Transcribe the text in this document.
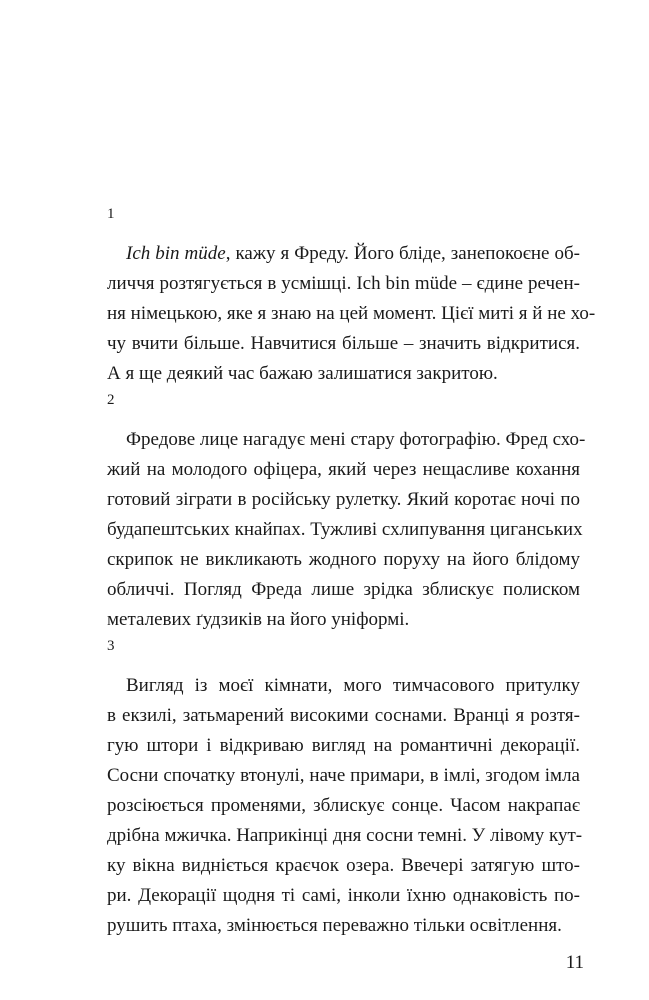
1
Ich bin müde, кажу я Фреду. Його бліде, занепокоєне об-
личчя розтягується в усмішці. Ich bin müde – єдине речен-
ня німецькою, яке я знаю на цей момент. Цієї миті я й не хо-
чу вчити більше. Навчитися більше – значить відкритися.
А я ще деякий час бажаю залишатися закритою.
2
Фредове лице нагадує мені стару фотографію. Фред схо-
жий на молодого офіцера, який через нещасливе кохання
готовий зіграти в російську рулетку. Який коротає ночі по
будапештських кнайпах. Тужливі схлипування циганських
скрипок не викликають жодного поруху на його блідому
обличчі. Погляд Фреда лише зрідка зблискує полиском
металевих ґудзиків на його уніформі.
3
Вигляд із моєї кімнати, мого тимчасового притулку
в екзилі, затьмарений високими соснами. Вранці я розтя-
гую штори і відкриваю вигляд на романтичні декорації.
Сосни спочатку втонулі, наче примари, в імлі, згодом імла
розсіюється променями, зблискує сонце. Часом накрапає
дрібна мжичка. Наприкінці дня сосни темні. У лівому кут-
ку вікна видніється краєчок озера. Ввечері затягую што-
ри. Декорації щодня ті самі, інколи їхню однаковість по-
рушить птаха, змінюється переважно тільки освітлення.
11
